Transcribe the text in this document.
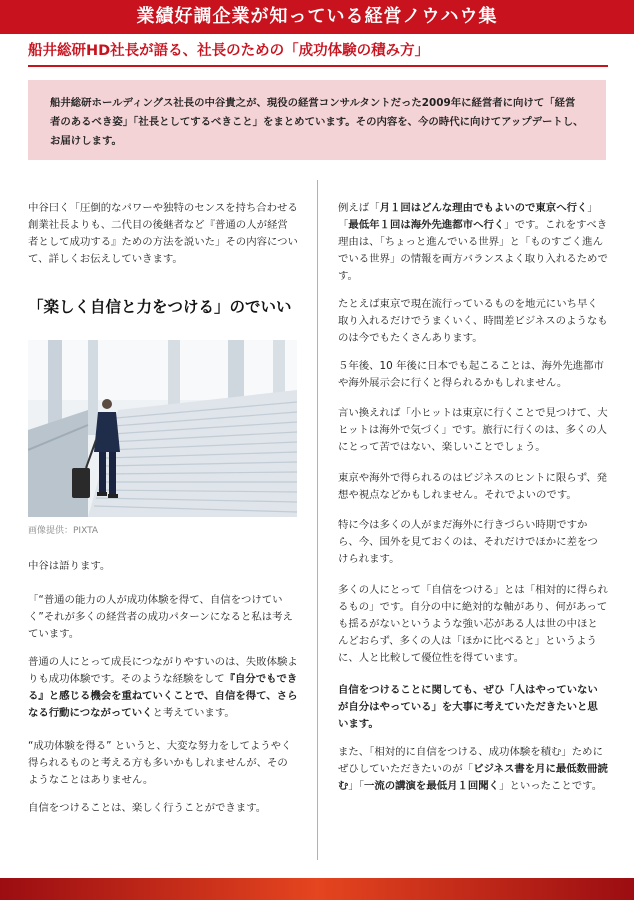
業績好調企業が知っている経営ノウハウ集
船井総研HD社長が語る、社長のための「成功体験の積み方」

船井総研ホールディングス社長の中谷貴之が、現役の経営コンサルタントだった2009年に経営者に向けて「経営者のあるべき姿」「社長としてするべきこと」をまとめています。その内容を、今の時代に向けてアップデートし、お届けします。

中谷曰く「圧倒的なパワーや独特のセンスを持ち合わせる創業社長よりも、二代目の後継者など『普通の人が経営者として成功する』ための方法を説いた」その内容について、詳しくお伝えしていきます。

「楽しく自信と力をつける」のでいい

画像提供：PIXTA

中谷は語ります。

「“普通の能力の人が成功体験を得て、自信をつけていく”それが多くの経営者の成功パターンになると私は考えています。

普通の人にとって成長につながりやすいのは、失敗体験よりも成功体験です。そのような経験をして『自分でもできる』と感じる機会を重ねていくことで、自信を得て、さらなる行動につながっていくと考えています。

“成功体験を得る” というと、大変な努力をしてようやく得られるものと考える方も多いかもしれませんが、そのようなことはありません。

自信をつけることは、楽しく行うことができます。

例えば「月１回はどんな理由でもよいので東京へ行く」「最低年１回は海外先進都市へ行く」です。これをすべき理由は、「ちょっと進んでいる世界」と「ものすごく進んでいる世界」の情報を両方バランスよく取り入れるためです。

たとえば東京で現在流行っているものを地元にいち早く取り入れるだけでうまくいく、時間差ビジネスのようなものは今でもたくさんあります。

５年後、10 年後に日本でも起こることは、海外先進都市や海外展示会に行くと得られるかもしれません。

言い換えれば「小ヒットは東京に行くことで見つけて、大ヒットは海外で気づく」です。旅行に行くのは、多くの人にとって苦ではない、楽しいことでしょう。

東京や海外で得られるのはビジネスのヒントに限らず、発想や視点などかもしれません。それでよいのです。

特に今は多くの人がまだ海外に行きづらい時期ですから、今、国外を見ておくのは、それだけでほかに差をつけられます。

多くの人にとって「自信をつける」とは「相対的に得られるもの」です。自分の中に絶対的な軸があり、何があっても揺るがないというような強い芯がある人は世の中ほとんどおらず、多くの人は「ほかに比べると」というように、人と比較して優位性を得ています。

自信をつけることに関しても、ぜひ「人はやっていないが自分はやっている」を大事に考えていただきたいと思います。

また、「相対的に自信をつける、成功体験を積む」ためにぜひしていただきたいのが「ビジネス書を月に最低数冊読む」「一流の講演を最低月１回聞く」といったことです。
